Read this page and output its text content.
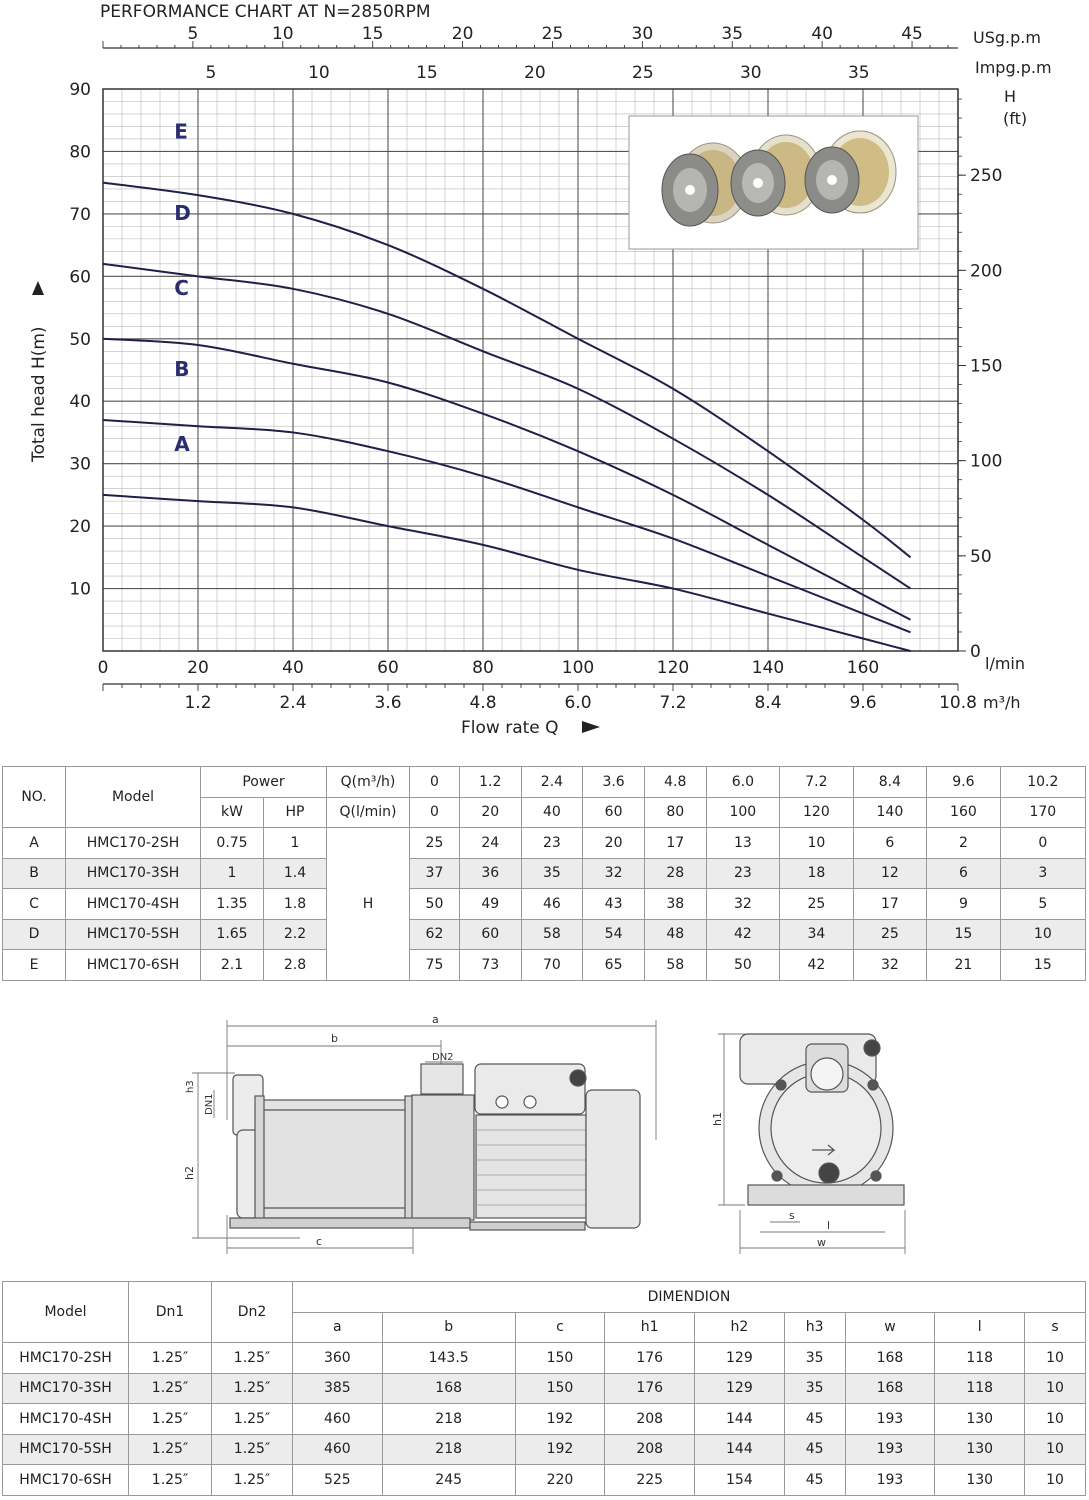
PERFORMANCE CHART AT N=2850RPM
5	10	15	20	25	30	35	40	45	USg.p.m
5	10	15	20	25	30	35	Impg.p.m
10
20
30
40
50
60
70
80
90
Total head H(m)
0
50
100
150
200
250
H
(ft)
0	20	40	60	80	100	120	140	160	l/min
1.2	2.4	3.6	4.8	6.0	7.2	8.4	9.6	10.8 m³/h
Flow rate Q
A
B
C
D
E
NO.	Model	Power		Q(m³/h)	0	1.2	2.4	3.6	4.8	6.0	7.2	8.4	9.6	10.2
		kW	HP	Q(l/min)	0	20	40	60	80	100	120	140	160	170
A	HMC170-2SH	0.75	1	H	25	24	23	20	17	13	10	6	2	0
B	HMC170-3SH	1	1.4		37	36	35	32	28	23	18	12	6	3
C	HMC170-4SH	1.35	1.8		50	49	46	43	38	32	25	17	9	5
D	HMC170-5SH	1.65	2.2		62	60	58	54	48	42	34	25	15	10
E	HMC170-6SH	2.1	2.8		75	73	70	65	58	50	42	32	21	15
a
b
DN2
c
h3
DN1
h2
h1
s
l
w
Model	Dn1	Dn2	DIMENDION								
			a	b	c	h1	h2	h3	w	l	s
HMC170-2SH	1.25″	1.25″	360	143.5	150	176	129	35	168	118	10
HMC170-3SH	1.25″	1.25″	385	168	150	176	129	35	168	118	10
HMC170-4SH	1.25″	1.25″	460	218	192	208	144	45	193	130	10
HMC170-5SH	1.25″	1.25″	460	218	192	208	144	45	193	130	10
HMC170-6SH	1.25″	1.25″	525	245	220	225	154	45	193	130	10
